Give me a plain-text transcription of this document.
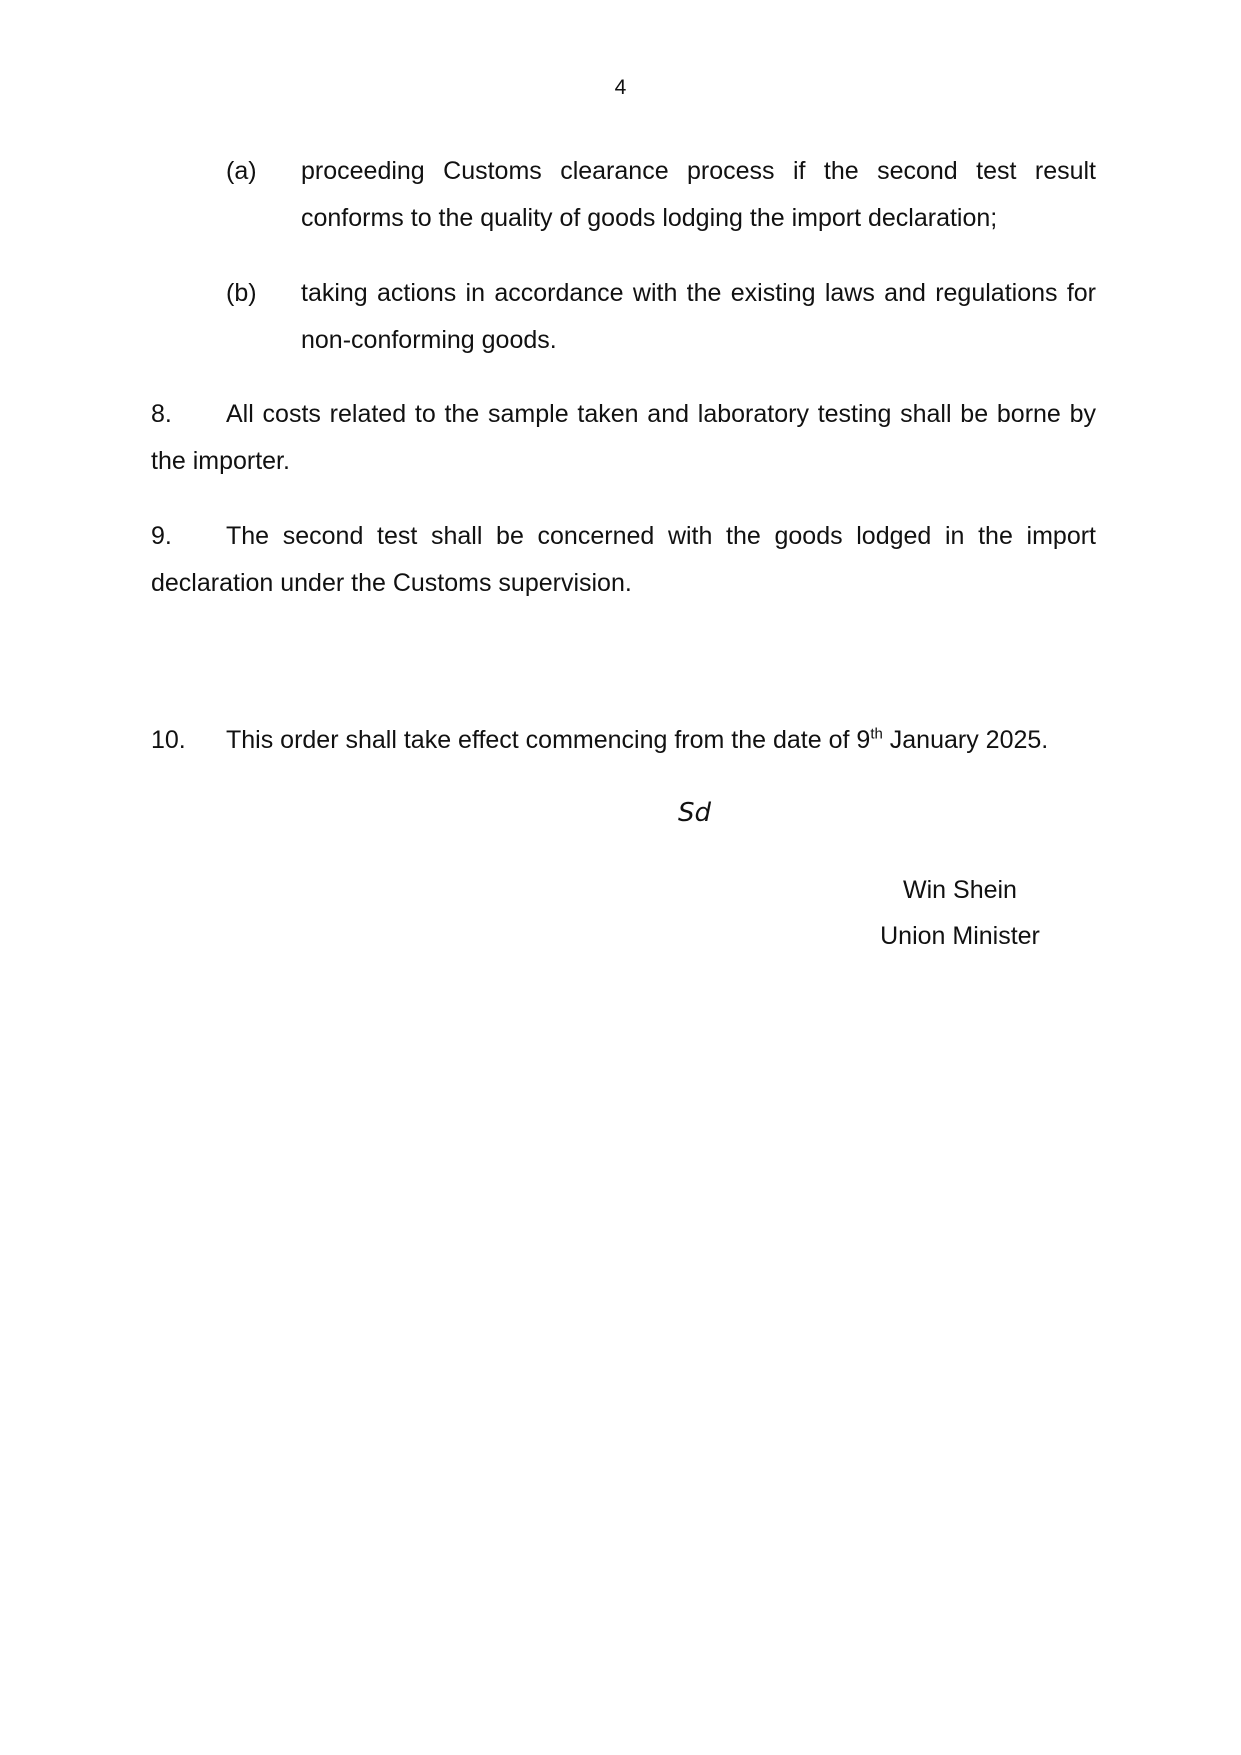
4
(a) proceeding Customs clearance process if the second test result conforms to the quality of goods lodging the import declaration;
(b) taking actions in accordance with the existing laws and regulations for non-conforming goods.
8. All costs related to the sample taken and laboratory testing shall be borne by the importer.
9. The second test shall be concerned with the goods lodged in the import declaration under the Customs supervision.
10. This order shall take effect commencing from the date of 9th January 2025.
Sd
Win Shein
Union Minister
